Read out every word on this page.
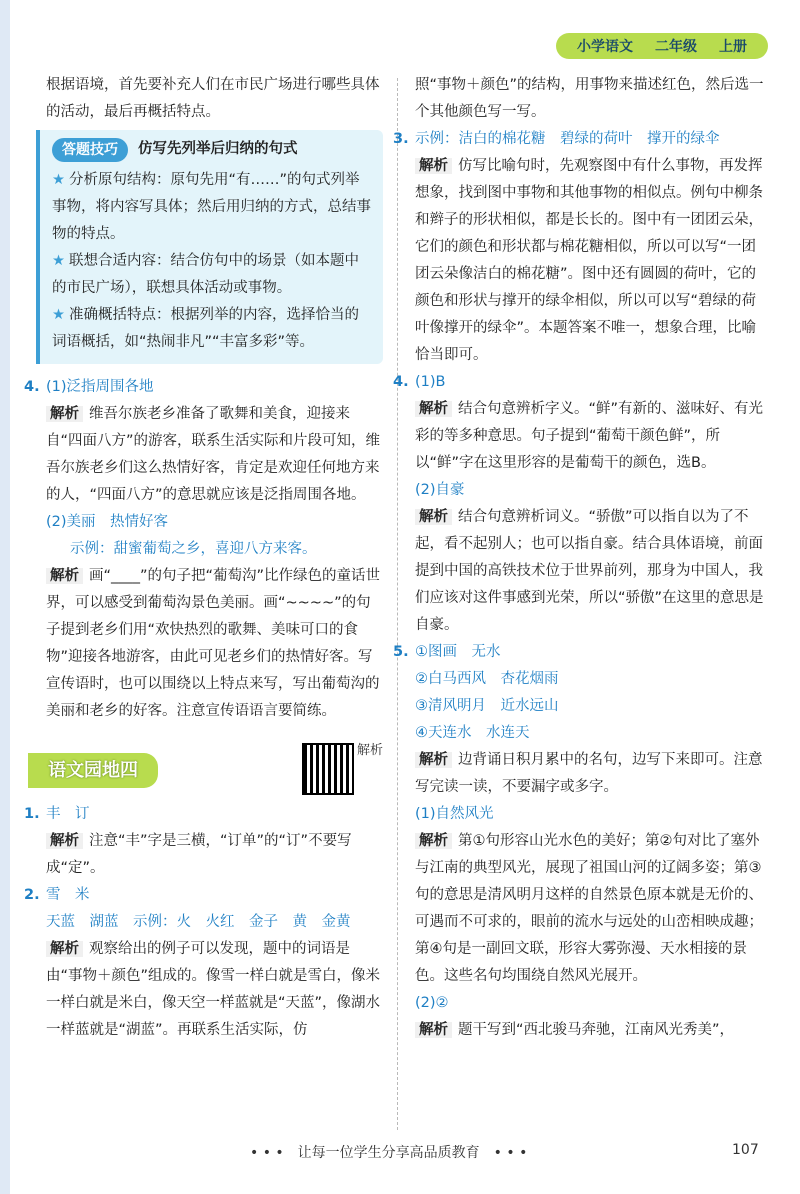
小学语文 二年级 上册

根据语境，首先要补充人们在市民广场进行哪些具体的活动，最后再概括特点。

答题技巧	仿写先列举后归纳的句式

★ 分析原句结构：原句先用“有……”的句式列举事物，将内容写具体；然后用归纳的方式，总结事物的特点。

★ 联想合适内容：结合仿句中的场景（如本题中的市民广场），联想具体活动或事物。

★ 准确概括特点：根据列举的内容，选择恰当的词语概括，如“热闹非凡”“丰富多彩”等。

4. (1)泛指周围各地

解析 维吾尔族老乡准备了歌舞和美食，迎接来自“四面八方”的游客，联系生活实际和片段可知，维吾尔族老乡们这么热情好客，肯定是欢迎任何地方来的人，“四面八方”的意思就应该是泛指周围各地。

(2)美丽　热情好客

示例：甜蜜葡萄之乡，喜迎八方来客。

解析 画“____”的句子把“葡萄沟”比作绿色的童话世界，可以感受到葡萄沟景色美丽。画“~~~~”的句子提到老乡们用“欢快热烈的歌舞、美味可口的食物”迎接各地游客，由此可见老乡们的热情好客。写宣传语时，也可以围绕以上特点来写，写出葡萄沟的美丽和老乡的好客。注意宣传语语言要简练。

语文园地四
解析

1. 丰　订

解析 注意“丰”字是三横，“订单”的“订”不要写成“定”。

2. 雪　米

天蓝　湖蓝　示例：火　火红　金子　黄　金黄

解析 观察给出的例子可以发现，题中的词语是由“事物＋颜色”组成的。像雪一样白就是雪白，像米一样白就是米白，像天空一样蓝就是“天蓝”，像湖水一样蓝就是“湖蓝”。再联系生活实际，仿

照“事物＋颜色”的结构，用事物来描述红色，然后选一个其他颜色写一写。

3. 示例：洁白的棉花糖　碧绿的荷叶　撑开的绿伞

解析 仿写比喻句时，先观察图中有什么事物，再发挥想象，找到图中事物和其他事物的相似点。例句中柳条和辫子的形状相似，都是长长的。图中有一团团云朵，它们的颜色和形状都与棉花糖相似，所以可以写“一团团云朵像洁白的棉花糖”。图中还有圆圆的荷叶，它的颜色和形状与撑开的绿伞相似，所以可以写“碧绿的荷叶像撑开的绿伞”。本题答案不唯一，想象合理，比喻恰当即可。

4. (1)B

解析 结合句意辨析字义。“鲜”有新的、滋味好、有光彩的等多种意思。句子提到“葡萄干颜色鲜”，所以“鲜”字在这里形容的是葡萄干的颜色，选B。

(2)自豪

解析 结合句意辨析词义。“骄傲”可以指自以为了不起，看不起别人；也可以指自豪。结合具体语境，前面提到中国的高铁技术位于世界前列，那身为中国人，我们应该对这件事感到光荣，所以“骄傲”在这里的意思是自豪。

5. ①图画　无水

②白马西风　杏花烟雨

③清风明月　近水远山

④天连水　水连天

解析 边背诵日积月累中的名句，边写下来即可。注意写完读一读，不要漏字或多字。

(1)自然风光

解析 第①句形容山光水色的美好；第②句对比了塞外与江南的典型风光，展现了祖国山河的辽阔多姿；第③句的意思是清风明月这样的自然景色原本就是无价的、可遇而不可求的，眼前的流水与远处的山峦相映成趣；第④句是一副回文联，形容大雾弥漫、天水相接的景色。这些名句均围绕自然风光展开。

(2)②

解析 题干写到“西北骏马奔驰，江南风光秀美”，

• • •　让每一位学生分享高品质教育　• • •	107
